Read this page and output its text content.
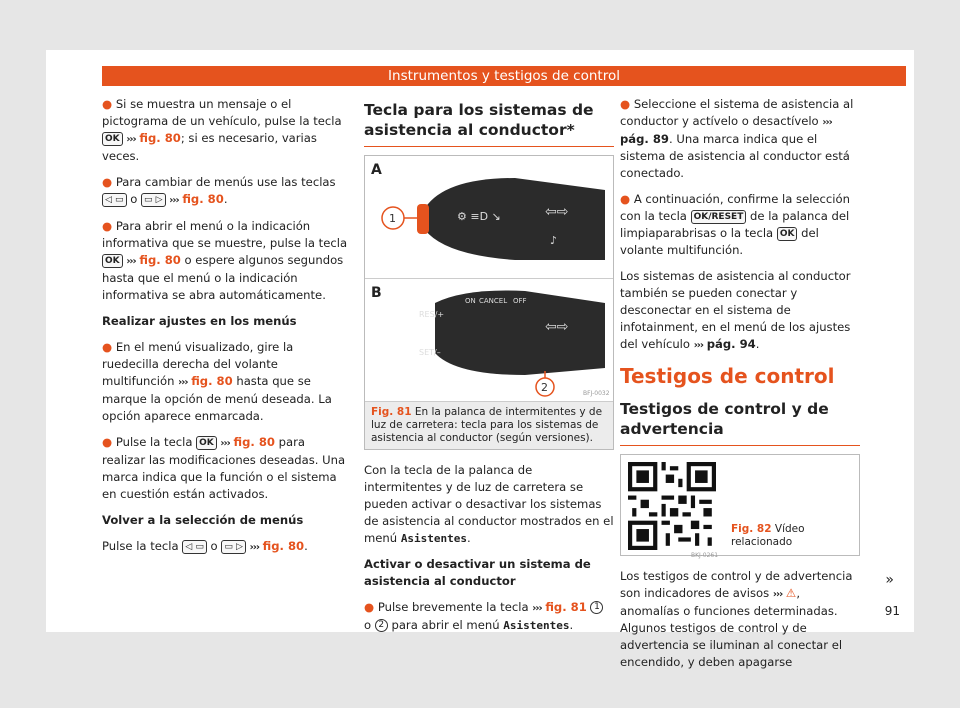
Instrumentos y testigos de control

● Si se muestra un mensaje o el pictograma de un vehículo, pulse la tecla OK ››› fig. 80; si es necesario, varias veces.

● Para cambiar de menús use las teclas ◁ ▭ o ▭ ▷ ››› fig. 80.

● Para abrir el menú o la indicación informativa que se muestre, pulse la tecla OK ››› fig. 80 o espere algunos segundos hasta que el menú o la indicación informativa se abra automáticamente.

Realizar ajustes en los menús

● En el menú visualizado, gire la ruedecilla derecha del volante multifunción ››› fig. 80 hasta que se marque la opción de menú deseada. La opción aparece enmarcada.

● Pulse la tecla OK ››› fig. 80 para realizar las modificaciones deseadas. Una marca indica que la función o el sistema en cuestión están activados.

Volver a la selección de menús

Pulse la tecla ◁ ▭ o ▭ ▷ ››› fig. 80.

Tecla para los sistemas de asistencia al conductor*
A
⚙ ≡D ↘	⇦⇨
♪
1
B
RES/+
SET/–
ON CANCEL OFF
⇦⇨
2	BFJ-0032
Fig. 81 En la palanca de intermitentes y de luz de carretera: tecla para los sistemas de asistencia al conductor (según versiones).

Con la tecla de la palanca de intermitentes y de luz de carretera se pueden activar o desactivar los sistemas de asistencia al conductor mostrados en el menú Asistentes.

Activar o desactivar un sistema de asistencia al conductor

● Pulse brevemente la tecla ››› fig. 81 1 o 2 para abrir el menú Asistentes.

● Seleccione el sistema de asistencia al conductor y actívelo o desactívelo ››› pág. 89. Una marca indica que el sistema de asistencia al conductor está conectado.

● A continuación, confirme la selección con la tecla OK/RESET de la palanca del limpiaparabrisas o la tecla OK del volante multifunción.

Los sistemas de asistencia al conductor también se pueden conectar y desconectar en el sistema de infotainment, en el menú de los ajustes del vehículo ››› pág. 94.

Testigos de control
Testigos de control y de advertencia
BKJ-0261
Fig. 82 Vídeo relacionado

Los testigos de control y de advertencia son indicadores de avisos ››› ⚠, anomalías o funciones determinadas. Algunos testigos de control y de advertencia se iluminan al conectar el encendido, y deben apagarse

»
91
